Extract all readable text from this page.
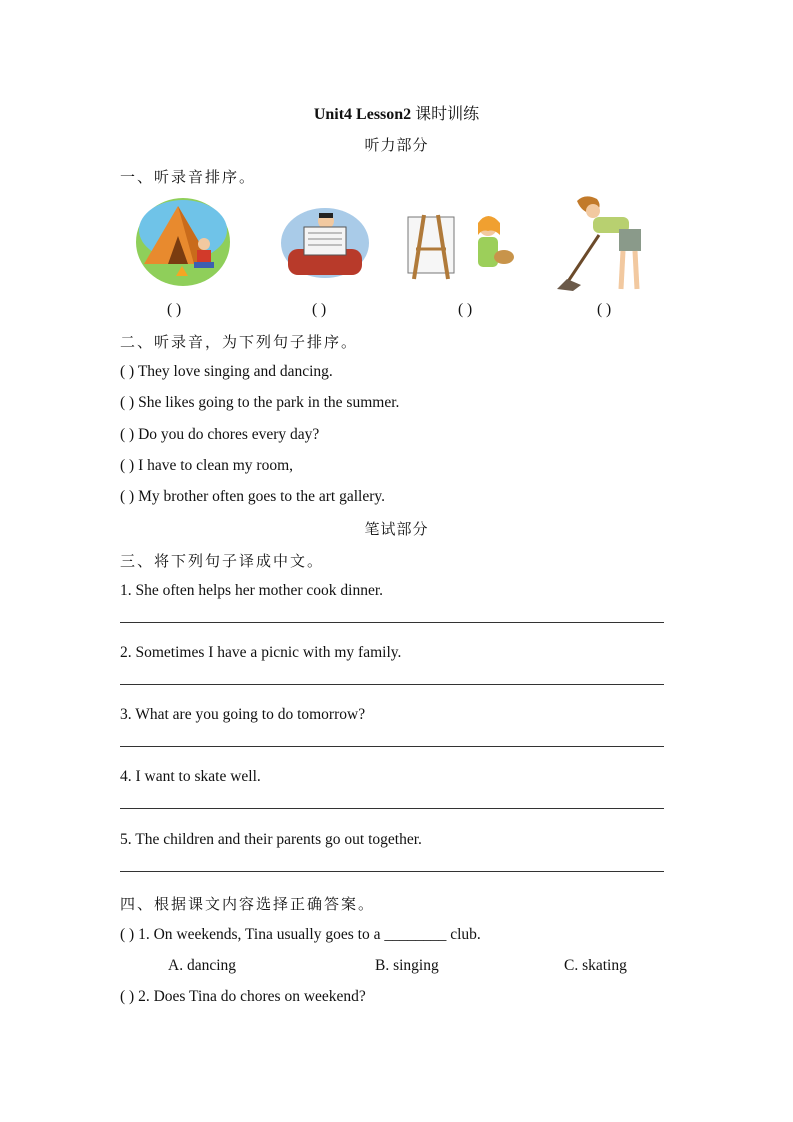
Unit4 Lesson2 课时训练
听力部分
一、听录音排序。
( )	( )	( )	( )
二、听录音，为下列句子排序。
( ) They love singing and dancing.
( ) She likes going to the park in the summer.
( ) Do you do chores every day?
( ) I have to clean my room,
( ) My brother often goes to the art gallery.
笔试部分
三、将下列句子译成中文。
1. She often helps her mother cook dinner.
2. Sometimes I have a picnic with my family.
3. What are you going to do tomorrow?
4. I want to skate well.
5. The children and their parents go out together.
四、根据课文内容选择正确答案。
( ) 1. On weekends, Tina usually goes to a ________ club.
A. dancing	B. singing	C. skating
( ) 2. Does Tina do chores on weekend?
